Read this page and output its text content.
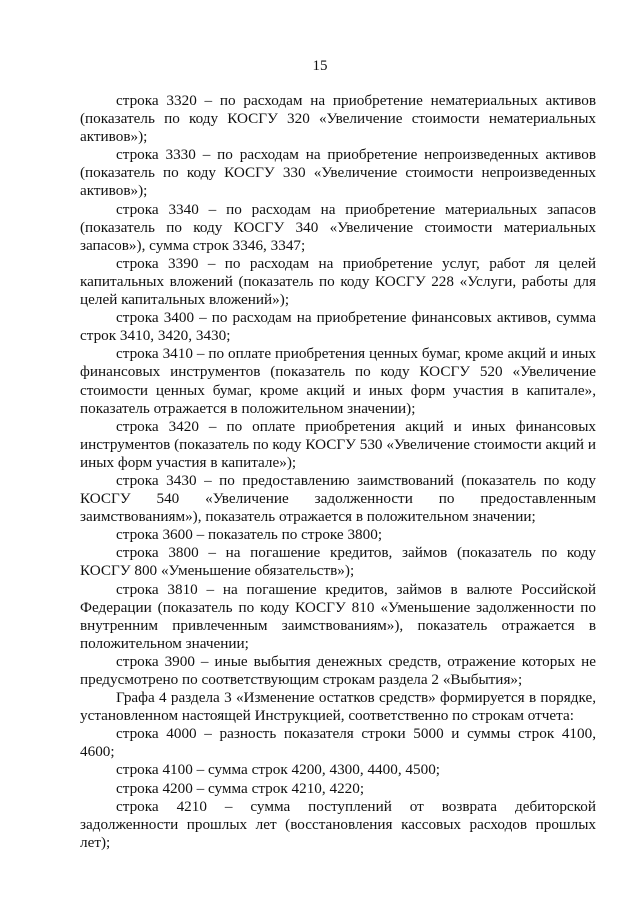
15

строка 3320 – по расходам на приобретение нематериальных активов (показатель по коду КОСГУ 320 «Увеличение стоимости нематериальных активов»);

строка 3330 – по расходам на приобретение непроизведенных активов (показатель по коду КОСГУ 330 «Увеличение стоимости непроизведенных активов»);

строка 3340 – по расходам на приобретение материальных запасов (показатель по коду КОСГУ 340 «Увеличение стоимости материальных запасов»), сумма строк 3346, 3347;

строка 3390 – по расходам на приобретение услуг, работ ля целей капитальных вложений (показатель по коду КОСГУ 228 «Услуги, работы для целей капитальных вложений»);

строка 3400 – по расходам на приобретение финансовых активов, сумма строк 3410, 3420, 3430;

строка 3410 – по оплате приобретения ценных бумаг, кроме акций и иных финансовых инструментов (показатель по коду КОСГУ 520 «Увеличение стоимости ценных бумаг, кроме акций и иных форм участия в капитале», показатель отражается в положительном значении);

строка 3420 – по оплате приобретения акций и иных финансовых инструментов (показатель по коду КОСГУ 530 «Увеличение стоимости акций и иных форм участия в капитале»);

строка 3430 – по предоставлению заимствований (показатель по коду КОСГУ 540 «Увеличение задолженности по предоставленным заимствованиям»), показатель отражается в положительном значении;

строка 3600 – показатель по строке 3800;

строка 3800 – на погашение кредитов, займов (показатель по коду КОСГУ 800 «Уменьшение обязательств»);

строка 3810 – на погашение кредитов, займов в валюте Российской Федерации (показатель по коду КОСГУ 810 «Уменьшение задолженности по внутренним привлеченным заимствованиям»), показатель отражается в положительном значении;

строка 3900 – иные выбытия денежных средств, отражение которых не предусмотрено по соответствующим строкам раздела 2 «Выбытия»;

Графа 4 раздела 3 «Изменение остатков средств» формируется в порядке, установленном настоящей Инструкцией, соответственно по строкам отчета:

строка 4000 – разность показателя строки 5000 и суммы строк 4100, 4600;

строка 4100 – сумма строк 4200, 4300, 4400, 4500;

строка 4200 – сумма строк 4210, 4220;

строка 4210 – сумма поступлений от возврата дебиторской задолженности прошлых лет (восстановления кассовых расходов прошлых лет);
